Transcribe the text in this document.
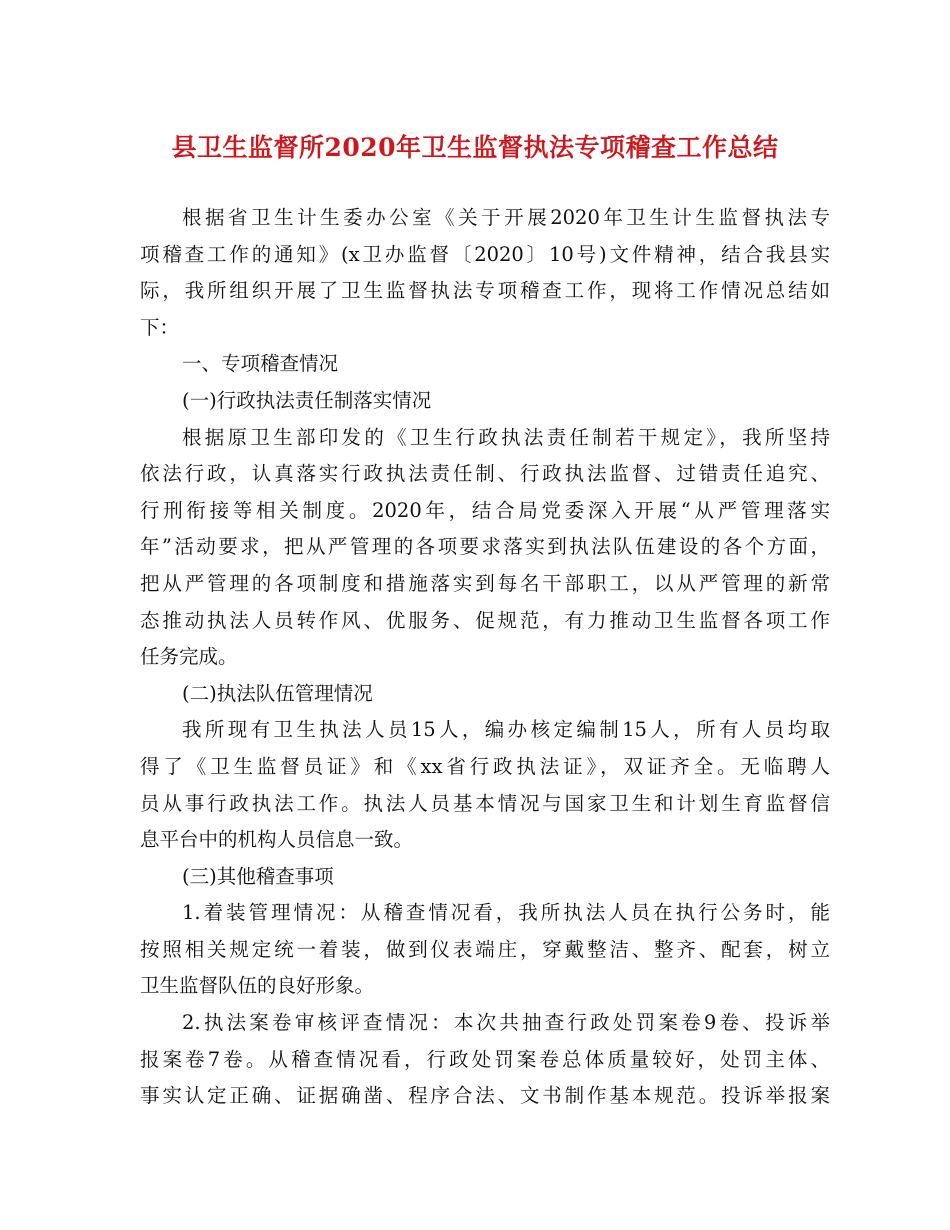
县卫生监督所2020年卫生监督执法专项稽查工作总结
根据省卫生计生委办公室《关于开展2020年卫生计生监督执法专
项稽查工作的通知》(x卫办监督〔2020〕10号)文件精神，结合我县实
际，我所组织开展了卫生监督执法专项稽查工作，现将工作情况总结如
下：
一、专项稽查情况
(一)行政执法责任制落实情况
根据原卫生部印发的《卫生行政执法责任制若干规定》，我所坚持
依法行政，认真落实行政执法责任制、行政执法监督、过错责任追究、
行刑衔接等相关制度。2020年，结合局党委深入开展“从严管理落实
年”活动要求，把从严管理的各项要求落实到执法队伍建设的各个方面，
把从严管理的各项制度和措施落实到每名干部职工，以从严管理的新常
态推动执法人员转作风、优服务、促规范，有力推动卫生监督各项工作
任务完成。
(二)执法队伍管理情况
我所现有卫生执法人员15人，编办核定编制15人，所有人员均取
得了《卫生监督员证》和《xx省行政执法证》，双证齐全。无临聘人
员从事行政执法工作。执法人员基本情况与国家卫生和计划生育监督信
息平台中的机构人员信息一致。
(三)其他稽查事项
1.着装管理情况：从稽查情况看，我所执法人员在执行公务时，能
按照相关规定统一着装，做到仪表端庄，穿戴整洁、整齐、配套，树立
卫生监督队伍的良好形象。
2.执法案卷审核评查情况：本次共抽查行政处罚案卷9卷、投诉举
报案卷7卷。从稽查情况看，行政处罚案卷总体质量较好，处罚主体、
事实认定正确、证据确凿、程序合法、文书制作基本规范。投诉举报案
